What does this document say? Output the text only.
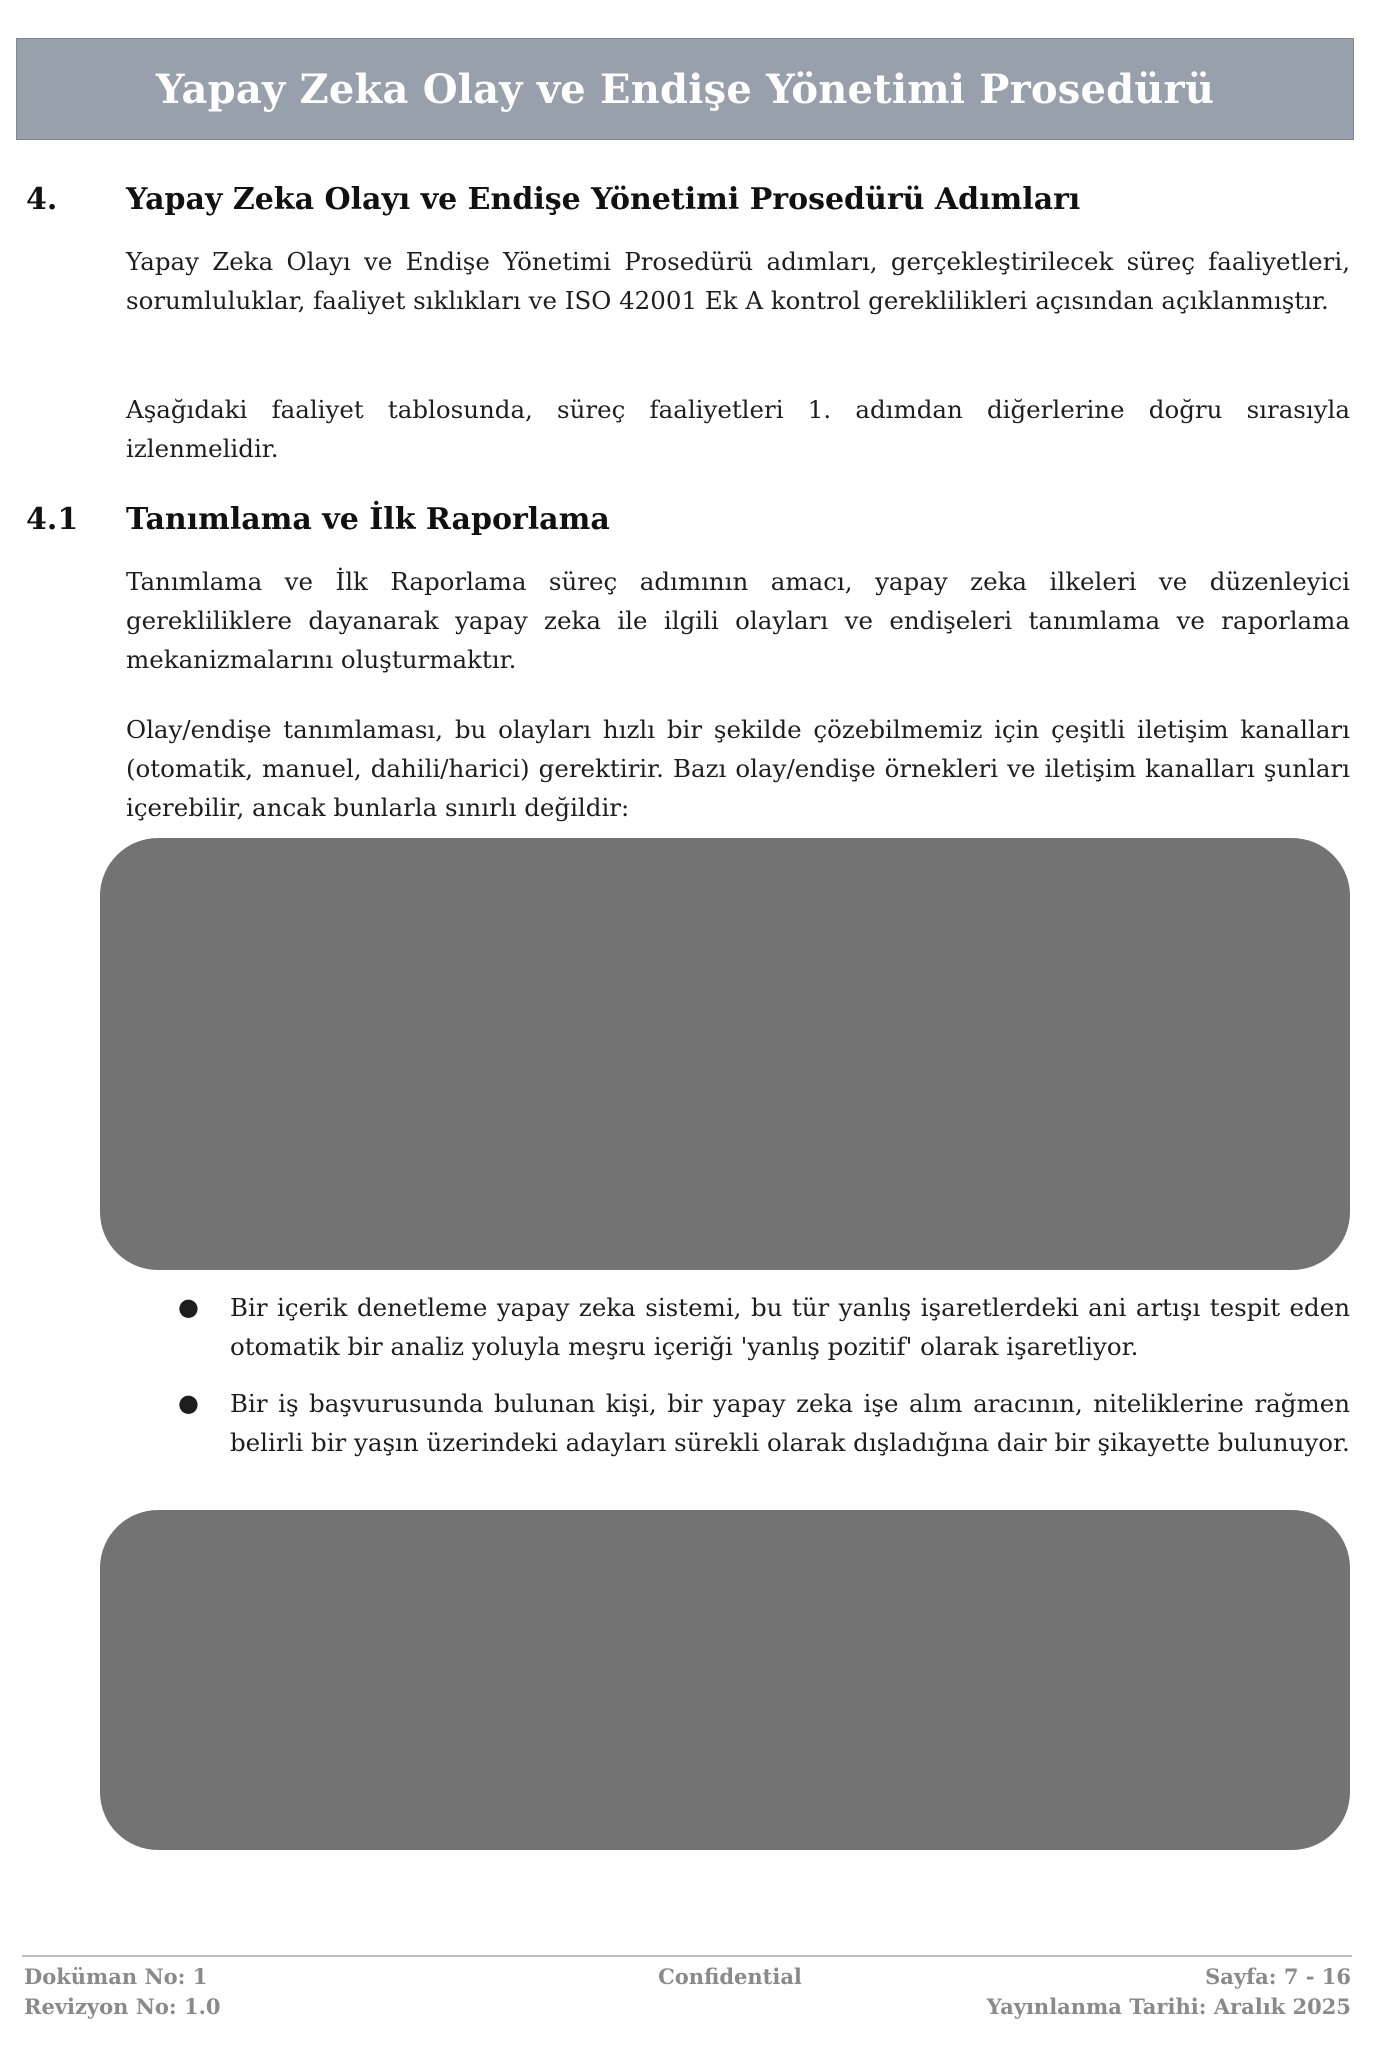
Yapay Zeka Olay ve Endişe Yönetimi Prosedürü
4.	Yapay Zeka Olayı ve Endişe Yönetimi Prosedürü Adımları

Yapay Zeka Olayı ve Endişe Yönetimi Prosedürü adımları, gerçekleştirilecek süreç faaliyetleri, sorumluluklar, faaliyet sıklıkları ve ISO 42001 Ek A kontrol gereklilikleri açısından açıklanmıştır.

Aşağıdaki faaliyet tablosunda, süreç faaliyetleri 1. adımdan diğerlerine doğru sırasıyla izlenmelidir.

4.1	Tanımlama ve İlk Raporlama

Tanımlama ve İlk Raporlama süreç adımının amacı, yapay zeka ilkeleri ve düzenleyici gerekliliklere dayanarak yapay zeka ile ilgili olayları ve endişeleri tanımlama ve raporlama mekanizmalarını oluşturmaktır.

Olay/endişe tanımlaması, bu olayları hızlı bir şekilde çözebilmemiz için çeşitli iletişim kanalları (otomatik, manuel, dahili/harici) gerektirir. Bazı olay/endişe örnekleri ve iletişim kanalları şunları içerebilir, ancak bunlarla sınırlı değildir:

● Bir içerik denetleme yapay zeka sistemi, bu tür yanlış işaretlerdeki ani artışı tespit eden otomatik bir analiz yoluyla meşru içeriği 'yanlış pozitif' olarak işaretliyor.
● Bir iş başvurusunda bulunan kişi, bir yapay zeka işe alım aracının, niteliklerine rağmen belirli bir yaşın üzerindeki adayları sürekli olarak dışladığına dair bir şikayette bulunuyor.
Doküman No: 1
Revizyon No: 1.0
Confidential	Sayfa: 7 - 16
Yayınlanma Tarihi: Aralık 2025
